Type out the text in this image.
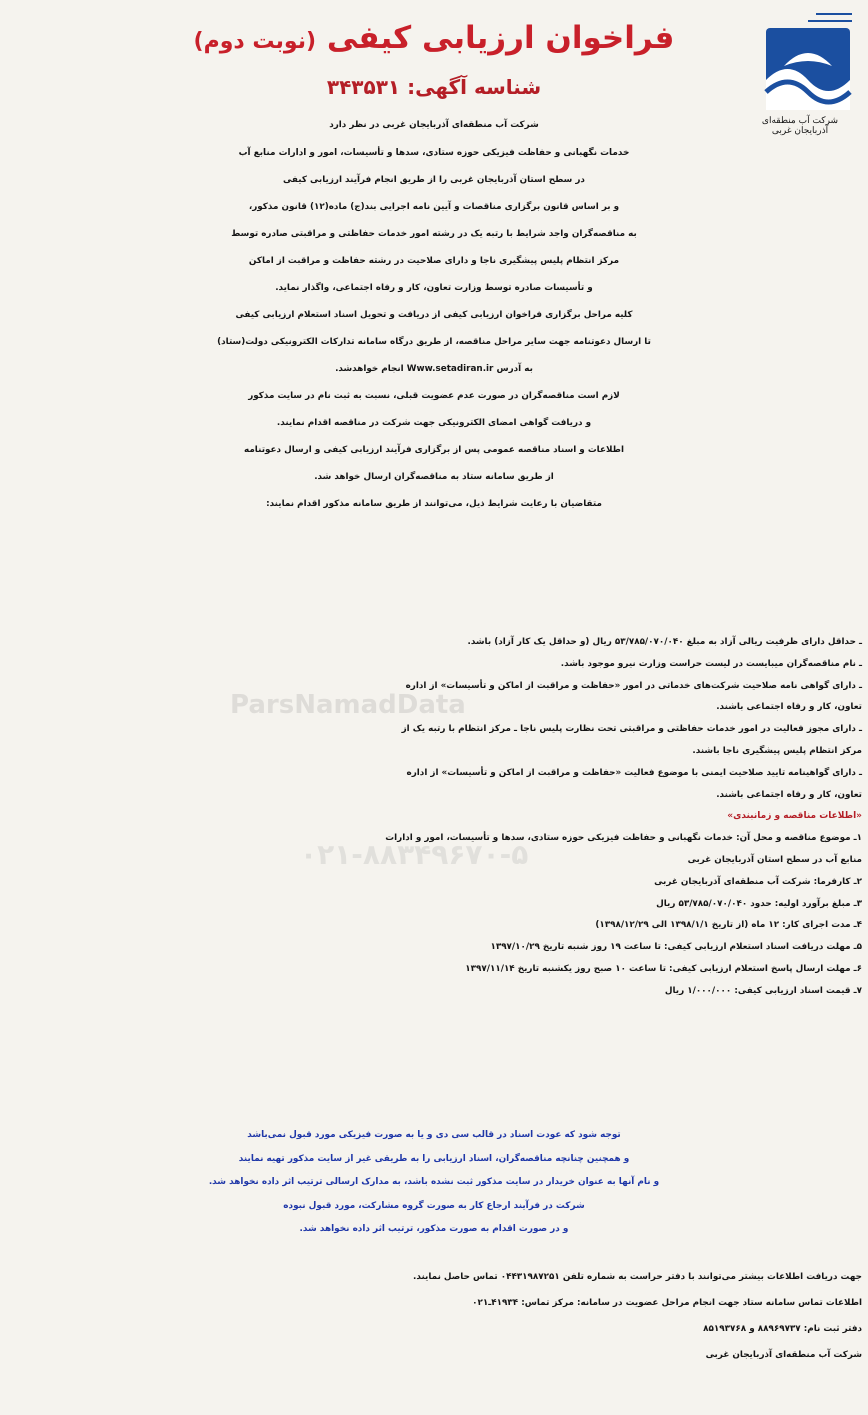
شرکت آب منطقه‌ای آذربایجان غربی
فراخوان ارزیابی کیفی (نوبت دوم)
شناسه آگهی: ۳۴۳۵۳۱

شرکت آب منطقه‌ای آذربایجان غربی در نظر دارد

خدمات نگهبانی و حفاظت فیزیکی حوزه ستادی، سدها و تأسیسات، امور و ادارات منابع آب

در سطح استان آذربایجان غربی را از طریق انجام فرآیند ارزیابی کیفی

و بر اساس قانون برگزاری مناقصات و آیین نامه اجرایی بند(ج) ماده(۱۲) قانون مذکور،

به مناقصه‌گران واجد شرایط با رتبه یک در رشته امور خدمات حفاظتی و مراقبتی صادره توسط

مرکز انتظام پلیس پیشگیری ناجا و دارای صلاحیت در رشته حفاظت و مراقبت از اماکن

و تأسیسات صادره توسط وزارت تعاون، کار و رفاه اجتماعی، واگذار نماید.

کلیه مراحل برگزاری فراخوان ارزیابی کیفی از دریافت و تحویل اسناد استعلام ارزیابی کیفی

تا ارسال دعوتنامه جهت سایر مراحل مناقصه، از طریق درگاه سامانه تدارکات الکترونیکی دولت(ستاد)

به آدرس Www.setadiran.ir انجام خواهدشد.

لازم است مناقصه‌گران در صورت عدم عضویت قبلی، نسبت به ثبت نام در سایت مذکور

و دریافت گواهی امضای الکترونیکی جهت شرکت در مناقصه اقدام نمایند.

اطلاعات و اسناد مناقصه عمومی پس از برگزاری فرآیند ارزیابی کیفی و ارسال دعوتنامه

از طریق سامانه ستاد به مناقصه‌گران ارسال خواهد شد.

متقاضیان با رعایت شرایط ذیل، می‌توانند از طریق سامانه مذکور اقدام نمایند:

ParsNamadData
۰۲۱-۸۸۳۴۹۶۷۰-۵

ـ حداقل دارای ظرفیت ریالی آزاد به مبلغ ۵۳/۷۸۵/۰۷۰/۰۴۰ ریال (و حداقل یک کار آزاد) باشد.

ـ نام مناقصه‌گران میبایست در لیست حراست وزارت نیرو موجود باشد.

ـ دارای گواهی نامه صلاحیت شرکت‌های خدماتی در امور «حفاظت و مراقبت از اماکن و تأسیسات» از اداره

تعاون، کار و رفاه اجتماعی باشند.

ـ دارای مجوز فعالیت در امور خدمات حفاظتی و مراقبتی تحت نظارت پلیس ناجا ـ مرکز انتظام با رتبه یک از

مرکز انتظام پلیس پیشگیری ناجا باشند.

ـ دارای گواهینامه تایید صلاحیت ایمنی با موضوع فعالیت «حفاظت و مراقبت از اماکن و تأسیسات» از اداره

تعاون، کار و رفاه اجتماعی باشند.

«اطلاعات مناقصه و زمانبندی»

۱ـ موضوع مناقصه و محل آن: خدمات نگهبانی و حفاظت فیزیکی حوزه ستادی، سدها و تأسیسات، امور و ادارات

منابع آب در سطح استان آذربایجان غربی

۲ـ کارفرما: شرکت آب منطقه‌ای آذربایجان غربی

۳ـ مبلغ برآورد اولیه: حدود ۵۳/۷۸۵/۰۷۰/۰۴۰ ریال

۴ـ مدت اجرای کار: ۱۲ ماه (از تاریخ ۱۳۹۸/۱/۱ الی ۱۳۹۸/۱۲/۲۹)

۵ـ مهلت دریافت اسناد استعلام ارزیابی کیفی: تا ساعت ۱۹ روز شنبه تاریخ ۱۳۹۷/۱۰/۲۹

۶ـ مهلت ارسال پاسخ استعلام ارزیابی کیفی: تا ساعت ۱۰ صبح روز یکشنبه تاریخ ۱۳۹۷/۱۱/۱۴

۷ـ قیمت اسناد ارزیابی کیفی: ۱/۰۰۰/۰۰۰ ریال

توجه شود که عودت اسناد در قالب سی دی و یا به صورت فیزیکی مورد قبول نمی‌باشد

و همچنین چنانچه مناقصه‌گران، اسناد ارزیابی را به طریقی غیر از سایت مذکور تهیه نمایند

و نام آنها به عنوان خریدار در سایت مذکور ثبت نشده باشد، به مدارک ارسالی ترتیب اثر داده نخواهد شد.

شرکت در فرآیند ارجاع کار به صورت گروه مشارکت، مورد قبول نبوده

و در صورت اقدام به صورت مذکور، ترتیب اثر داده نخواهد شد.

جهت دریافت اطلاعات بیشتر می‌توانند با دفتر حراست به شماره تلفن ۰۴۴۳۱۹۸۷۲۵۱ تماس حاصل نمایند.

اطلاعات تماس سامانه ستاد جهت انجام مراحل عضویت در سامانه: مرکز تماس: ۴۱۹۳۴ـ۰۲۱

دفتر ثبت نام: ۸۸۹۶۹۷۳۷ و ۸۵۱۹۳۷۶۸

شرکت آب منطقه‌ای آذربایجان غربی
